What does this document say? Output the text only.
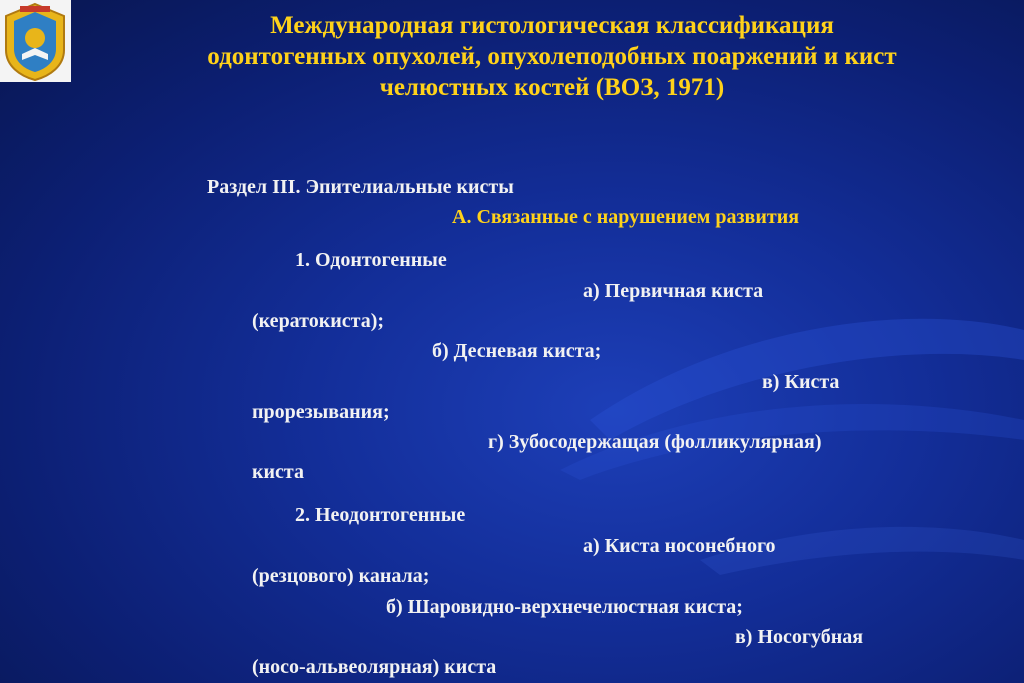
Международная гистологическая классификация
одонтогенных опухолей, опухолеподобных поаржений и кист
челюстных костей (ВОЗ, 1971)
Раздел III. Эпителиальные кисты
А. Связанные с нарушением развития
1. Одонтогенные
а) Первичная киста
(кератокиста);
б) Десневая киста;
в) Киста
прорезывания;
г) Зубосодержащая (фолликулярная)
киста
2. Неодонтогенные
а) Киста носонебного
(резцового) канала;
б) Шаровидно-верхнечелюстная киста;
в) Носогубная
(носо-альвеолярная) киста
